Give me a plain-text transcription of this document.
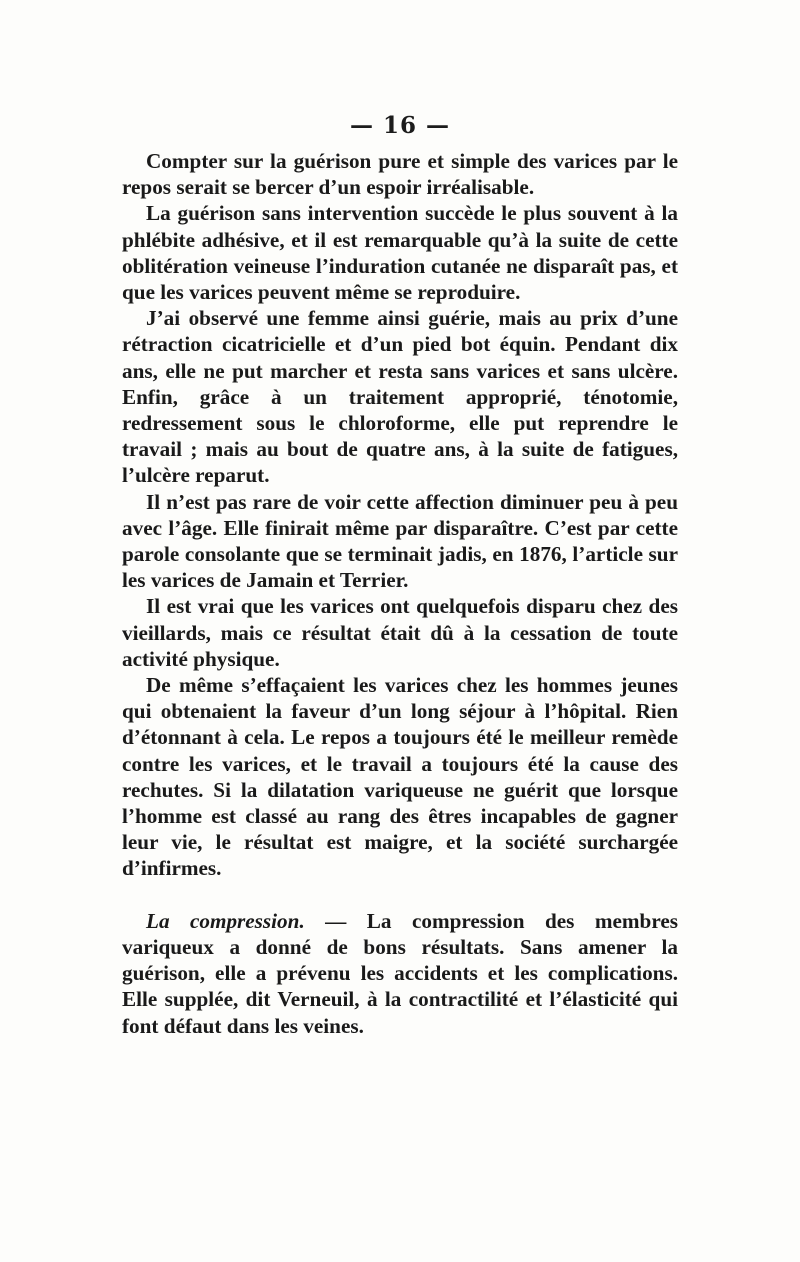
— 16 —

Compter sur la guérison pure et simple des varices par le repos serait se bercer d’un espoir irréalisable.

La guérison sans intervention succède le plus souvent à la phlébite adhésive, et il est remarquable qu’à la suite de cette oblitération veineuse l’induration cutanée ne disparaît pas, et que les varices peuvent même se reproduire.

J’ai observé une femme ainsi guérie, mais au prix d’une rétraction cicatricielle et d’un pied bot équin. Pendant dix ans, elle ne put marcher et resta sans varices et sans ulcère. Enfin, grâce à un traitement approprié, ténotomie, redressement sous le chloroforme, elle put reprendre le travail ; mais au bout de quatre ans, à la suite de fatigues, l’ulcère reparut.

Il n’est pas rare de voir cette affection diminuer peu à peu avec l’âge. Elle finirait même par disparaître. C’est par cette parole consolante que se terminait jadis, en 1876, l’article sur les varices de Jamain et Terrier.

Il est vrai que les varices ont quelquefois disparu chez des vieillards, mais ce résultat était dû à la cessation de toute activité physique.

De même s’effaçaient les varices chez les hommes jeunes qui obtenaient la faveur d’un long séjour à l’hôpital. Rien d’étonnant à cela. Le repos a toujours été le meilleur remède contre les varices, et le travail a toujours été la cause des rechutes. Si la dilatation variqueuse ne guérit que lorsque l’homme est classé au rang des êtres incapables de gagner leur vie, le résultat est maigre, et la société surchargée d’infirmes.

La compression. — La compression des membres variqueux a donné de bons résultats. Sans amener la guérison, elle a prévenu les accidents et les complications. Elle supplée, dit Verneuil, à la contractilité et l’élasticité qui font défaut dans les veines.
